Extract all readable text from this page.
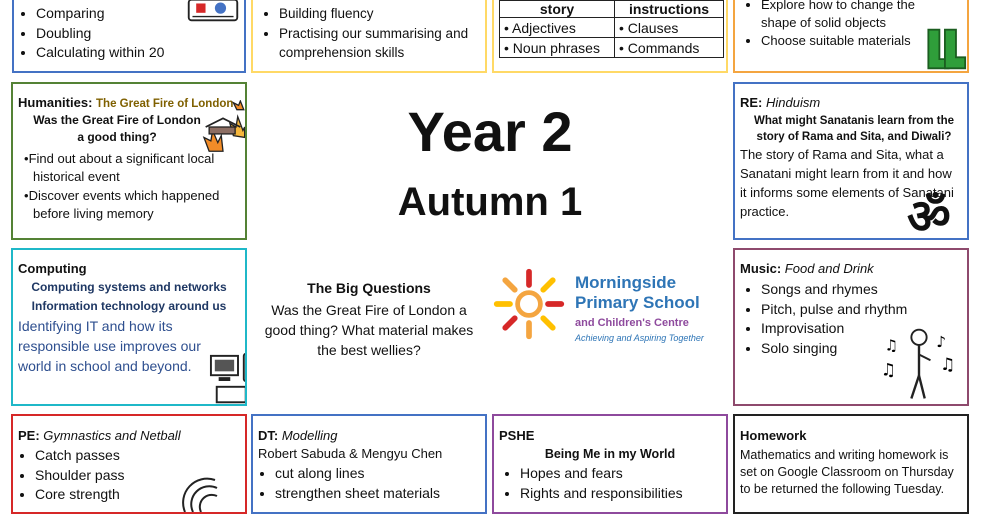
• Comparing
• Doubling
• Calculating within 20
• Building fluency
• Practising our summarising and comprehension skills
story	instructions
• Adjectives	• Clauses
• Noun phrases	• Commands
• Explore how to change the shape of solid objects
• Choose suitable materials
Humanities: The Great Fire of London
Was the Great Fire of London a good thing?
•Find out about a significant local historical event
•Discover events which happened before living memory
Year 2
Autumn 1
RE: Hinduism
What might Sanatanis learn from the story of Rama and Sita, and Diwali?

The story of Rama and Sita, what a Sanatani might learn from it and how it informs some elements of Sanatani practice.	ॐ
Computing
Computing systems and networks
Information technology around us

Identifying IT and how its responsible use improves our world in school and beyond.

The Big Questions
Was the Great Fire of London a good thing? What material makes the best wellies?
Morningside
Primary School
and Children's Centre
Achieving and Aspiring Together
Music: Food and Drink
• Songs and rhymes
• Pitch, pulse and rhythm
• Improvisation
• Solo singing	♫
♫
♪
♫
PE: Gymnastics and Netball
• Catch passes
• Shoulder pass
• Core strength
DT: Modelling
Robert Sabuda & Mengyu Chen
• cut along lines
• strengthen sheet materials
PSHE
Being Me in my World
• Hopes and fears
• Rights and responsibilities
Homework

Mathematics and writing homework is set on Google Classroom on Thursday to be returned the following Tuesday.
